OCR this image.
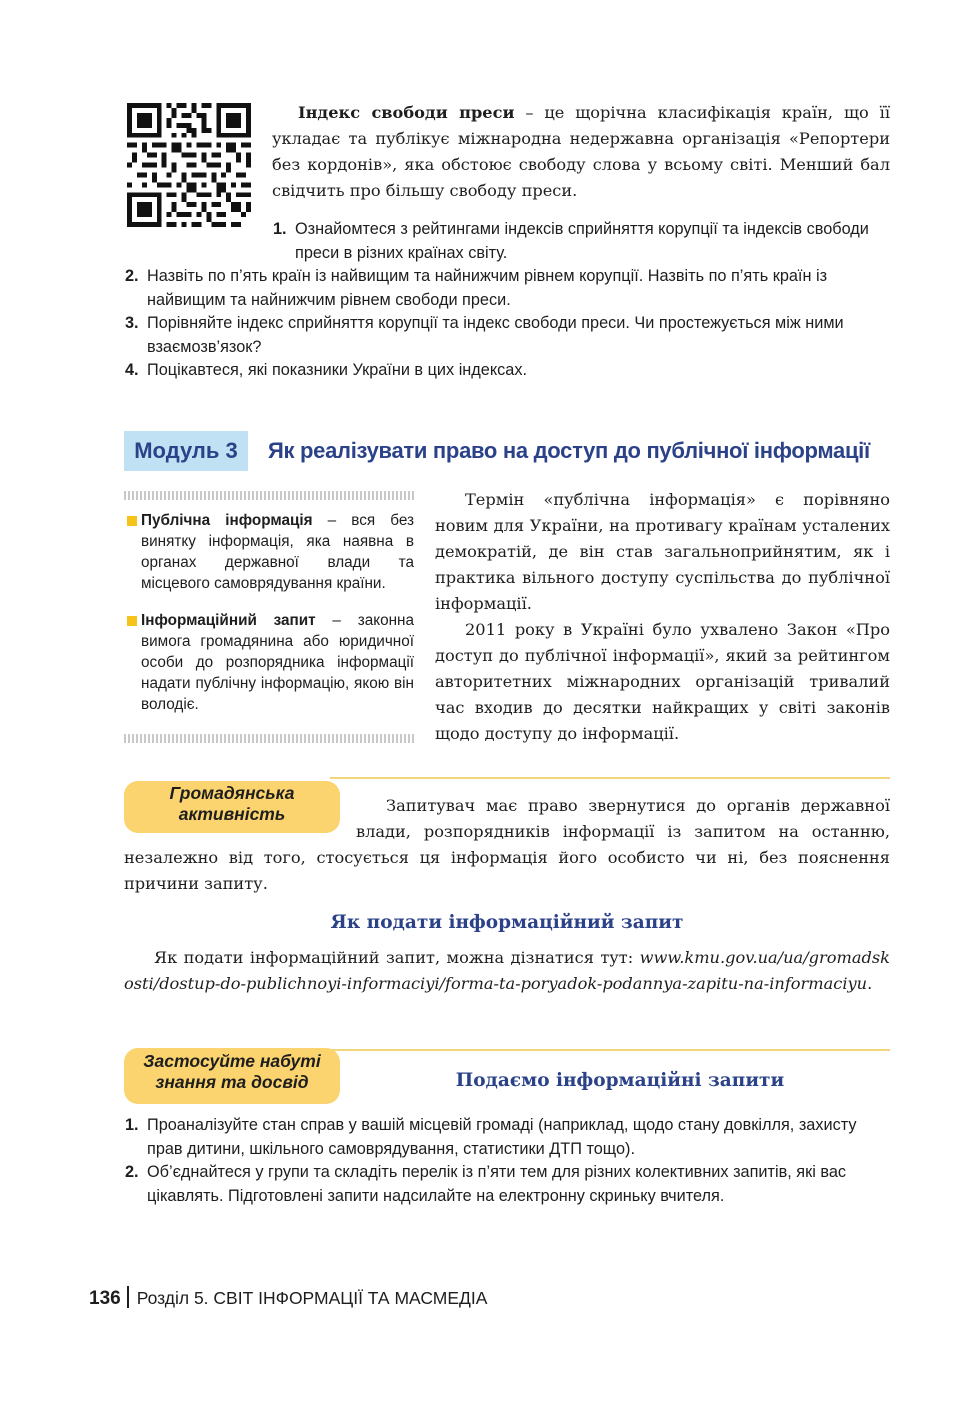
Індекс свободи преси – це щорічна класифікація країн, що її укладає та публікує міжнародна недержавна організація «Репортери без кордонів», яка обстоює свободу слова у всьому світі. Менший бал свідчить про більшу свободу преси.
1. Ознайомтеся з рейтингами індексів сприйняття корупції та індексів свободи преси в різних країнах світу.
2. Назвіть по п’ять країн із найвищим та найнижчим рівнем корупції. Назвіть по п’ять країн із найвищим та найнижчим рівнем свободи преси.
3. Порівняйте індекс сприйняття корупції та індекс свободи преси. Чи простежується між ними взаємозв’язок?
4. Поцікавтеся, які показники України в цих індексах.
Модуль 3	Як реалізувати право на доступ до публічної інформації
Публічна інформація – вся без винятку інформація, яка наявна в органах державної влади та місцевого самоврядування країни.
Інформаційний запит – законна вимога громадянина або юридичної особи до розпорядника інформації надати публічну інформацію, якою він володіє.

Термін «публічна інформація» є порівняно новим для України, на противагу країнам усталених демократій, де він став загальноприйнятим, як і практика вільного доступу суспільства до публічної інформації.

2011 року в Україні було ухвалено Закон «Про доступ до публічної інформації», який за рейтингом авторитетних міжнародних організацій тривалий час входив до десятки найкращих у світі законів щодо доступу до інформації.

Запитувач має право звернутися до органів державної влади, розпорядників інформації із запитом на останню, незалежно від того, стосується ця інформація його особисто чи ні, без пояснення причини запиту.
Громадянська
активність
Як подати інформаційний запит
Як подати інформаційний запит, можна дізнатися тут: www.kmu.gov.ua/ua/gromadskosti/dostup-do-publichnoyi-informaciyi/forma-ta-poryadok-podannya-zapitu-na-informaciyu.
Застосуйте набуті
знання та досвід	Подаємо інформаційні запити
1. Проаналізуйте стан справ у вашій місцевій громаді (наприклад, щодо стану довкілля, захисту прав дитини, шкільного самоврядування, статистики ДТП тощо).
2. Об’єднайтеся у групи та складіть перелік із п’яти тем для різних колективних запитів, які вас цікавлять. Підготовлені запити надсилайте на електронну скриньку вчителя.
136 Розділ 5. СВІТ ІНФОРМАЦІЇ ТА МАСМЕДІА
